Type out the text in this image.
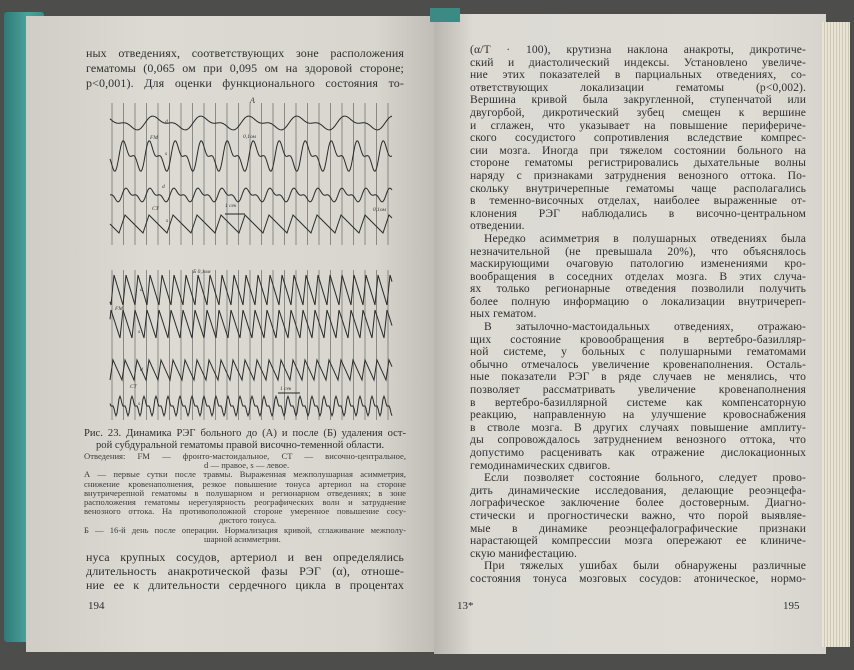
ных отведениях, соответствующих зоне расположения
гематомы (0,065 ом при 0,095 ом на здоровой стороне;
p<0,001). Для оценки функционального состояния то-
А
d
FM
s
0,1ом
d
CT
s
1 сек
0,1ом
Б 0,1ом
d
FM
s
d
CT
s
1 сек
Рис. 23. Динамика РЭГ больного до (А) и после (Б) удаления ост-
рой субдуральной гематомы правой височно-теменной области.
Отведения: FM — фронто-мастоидальное, CT — височно-центральное,
d — правое, s — левое.
А — первые сутки после травмы. Выраженная межполушарная асимметрия,
снижение кровенаполнения, резкое повышение тонуса артериол на стороне
внутричерепной гематомы в полушарном и регионарном отведениях; в зоне
расположения гематомы нерегулярность реографических волн и затруднение
венозного оттока. На противоположной стороне умеренное повышение сосу-
дистого тонуса.
Б — 16-й день после операции. Нормализация кривой, сглаживание межполу-
шарной асимметрии.
нуса крупных сосудов, артериол и вен определялись
длительность анакротической фазы РЭГ (α), отноше-
ние ее к длительности сердечного цикла в процентах
194
(α/T · 100), крутизна наклона анакроты, дикротиче-
ский и диастолический индексы. Установлено увеличе-
ние этих показателей в парциальных отведениях, со-
ответствующих локализации гематомы (p<0,002).
Вершина кривой была закругленной, ступенчатой или
двугорбой, дикротический зубец смещен к вершине
и сглажен, что указывает на повышение перифериче-
ского сосудистого сопротивления вследствие компрес-
сии мозга. Иногда при тяжелом состоянии больного на
стороне гематомы регистрировались дыхательные волны
наряду с признаками затруднения венозного оттока. По-
скольку внутричерепные гематомы чаще располагались
в теменно-височных отделах, наиболее выраженные от-
клонения РЭГ наблюдались в височно-центральном
отведении.
Нередко асимметрия в полушарных отведениях была
незначительной (не превышала 20%), что объяснялось
маскирующими очаговую патологию изменениями кро-
вообращения в соседних отделах мозга. В этих случа-
ях только регионарные отведения позволили получить
более полную информацию о локализации внутричереп-
ных гематом.
В затылочно-мастоидальных отведениях, отражаю-
щих состояние кровообращения в вертебро-базилляр-
ной системе, у больных с полушарными гематомами
обычно отмечалось увеличение кровенаполнения. Осталь-
ные показатели РЭГ в ряде случаев не менялись, что
позволяет рассматривать увеличение кровенаполнения
в вертебро-базиллярной системе как компенсаторную
реакцию, направленную на улучшение кровоснабжения
в стволе мозга. В других случаях повышение амплиту-
ды сопровождалось затруднением венозного оттока, что
допустимо расценивать как отражение дислокационных
гемодинамических сдвигов.
Если позволяет состояние больного, следует прово-
дить динамические исследования, делающие реоэнцефа-
лографическое заключение более достоверным. Диагно-
стически и прогностически важно, что порой выявляе-
мые в динамике реоэнцефалографические признаки
нарастающей компрессии мозга опережают ее клиниче-
скую манифестацию.
При тяжелых ушибах были обнаружены различные
состояния тонуса мозговых сосудов: атоническое, нормо-
13*	195
